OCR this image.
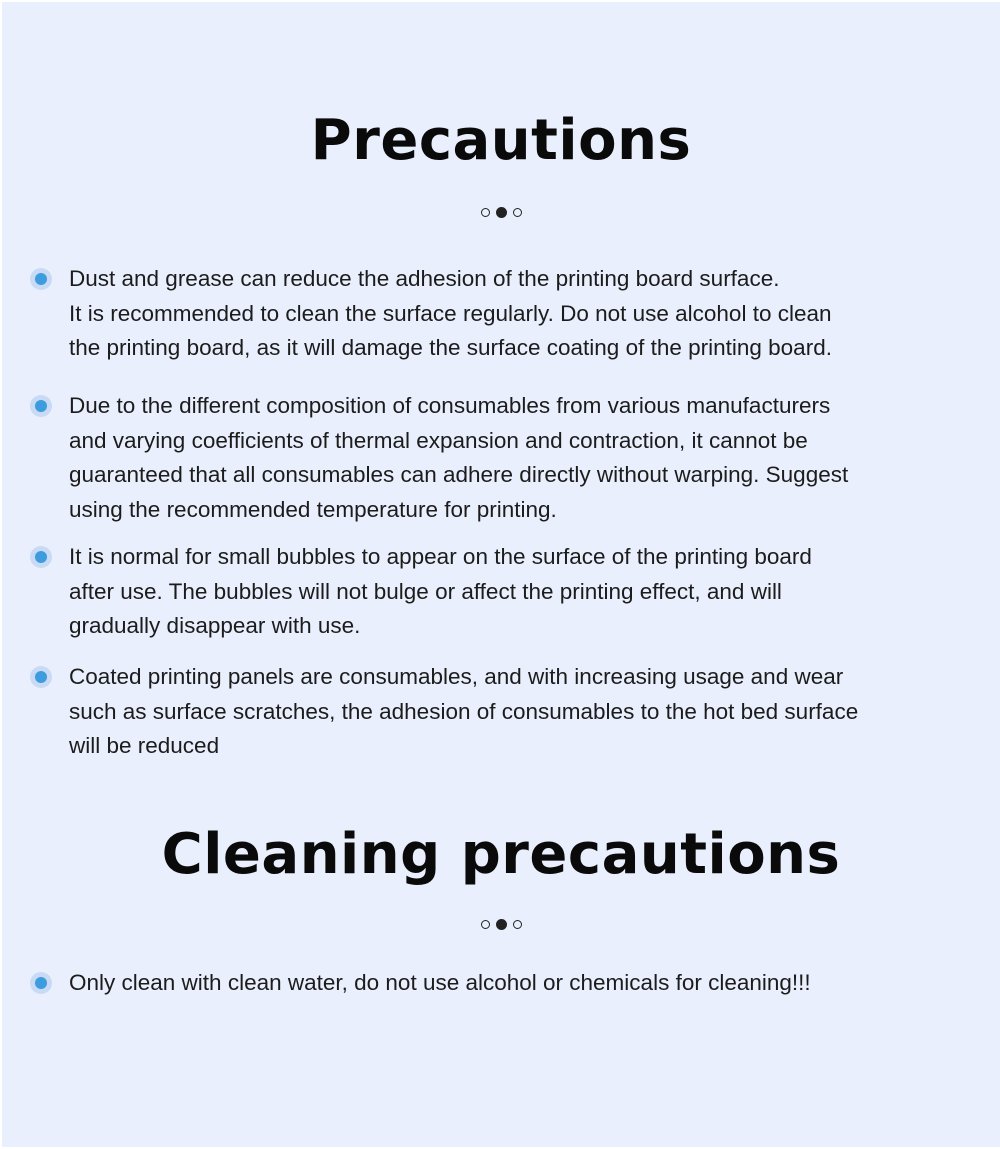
Precautions

Dust and grease can reduce the adhesion of the printing board surface.
It is recommended to clean the surface regularly. Do not use alcohol to clean
the printing board, as it will damage the surface coating of the printing board.

Due to the different composition of consumables from various manufacturers
and varying coefficients of thermal expansion and contraction, it cannot be
guaranteed that all consumables can adhere directly without warping. Suggest
using the recommended temperature for printing.

It is normal for small bubbles to appear on the surface of the printing board
after use. The bubbles will not bulge or affect the printing effect, and will
gradually disappear with use.

Coated printing panels are consumables, and with increasing usage and wear
such as surface scratches, the adhesion of consumables to the hot bed surface
will be reduced

Cleaning precautions

Only clean with clean water, do not use alcohol or chemicals for cleaning!!!
